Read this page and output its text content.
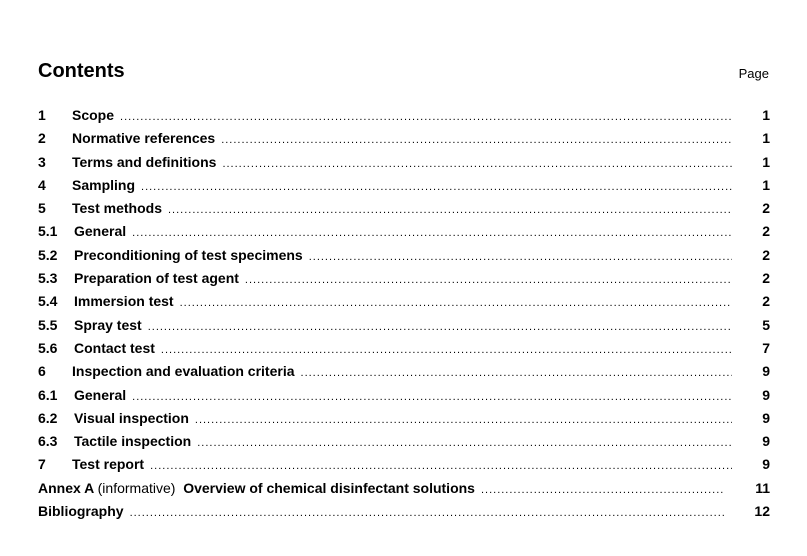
Contents	Page
1	Scope .....	1
2	Normative references .....	1
3	Terms and definitions .....	1
4	Sampling .....	1
5	Test methods .....	2
5.1	General .....	2
5.2	Preconditioning of test specimens .....	2
5.3	Preparation of test agent .....	2
5.4	Immersion test .....	2
5.5	Spray test .....	5
5.6	Contact test .....	7
6	Inspection and evaluation criteria .....	9
6.1	General .....	9
6.2	Visual inspection .....	9
6.3	Tactile inspection .....	9
7	Test report .....	9
Annex A (informative) Overview of chemical disinfectant solutions .....	11
Bibliography .....	12
